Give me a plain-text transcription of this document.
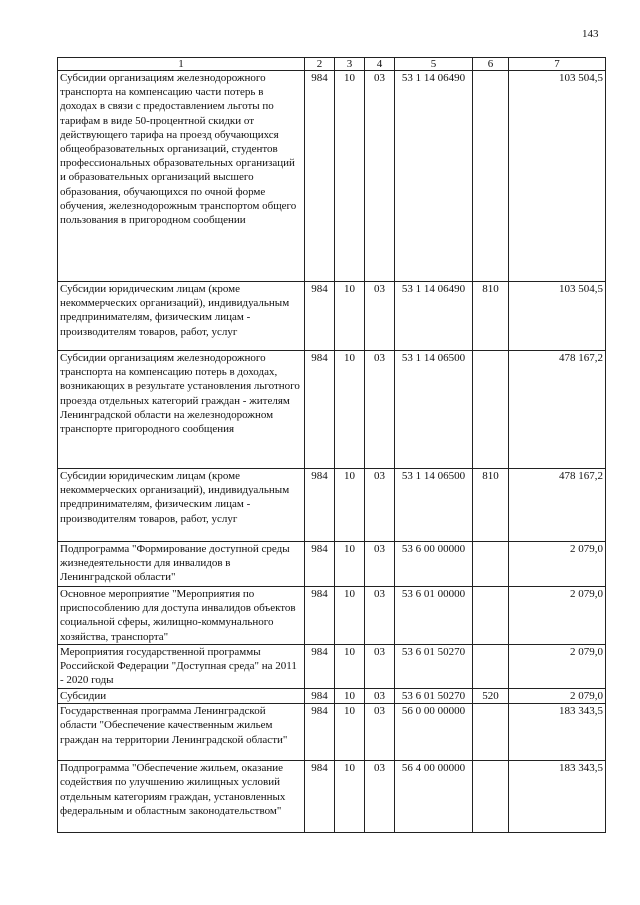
143
1	2	3	4	5	6	7
Субсидии организациям железнодорожного транспорта на компенсацию части потерь в доходах в связи с предоставлением льготы по тарифам в виде 50-процентной скидки от действующего тарифа на проезд обучающихся общеобразовательных организаций, студентов профессиональных образовательных организаций и образовательных организаций высшего образования, обучающихся по очной форме обучения, железнодорожным транспортом общего пользования в пригородном сообщении	984	10	03	53 1 14 06490		103 504,5
Субсидии юридическим лицам (кроме некоммерческих организаций), индивидуальным предпринимателям, физическим лицам - производителям товаров, работ, услуг	984	10	03	53 1 14 06490	810	103 504,5
Субсидии организациям железнодорожного транспорта на компенсацию потерь в доходах, возникающих в результате установления льготного проезда отдельных категорий граждан - жителям Ленинградской области на железнодорожном транспорте пригородного сообщения	984	10	03	53 1 14 06500		478 167,2
Субсидии юридическим лицам (кроме некоммерческих организаций), индивидуальным предпринимателям, физическим лицам - производителям товаров, работ, услуг	984	10	03	53 1 14 06500	810	478 167,2
Подпрограмма "Формирование доступной среды жизнедеятельности для инвалидов в Ленинградской области"	984	10	03	53 6 00 00000		2 079,0
Основное мероприятие "Мероприятия по приспособлению для доступа инвалидов объектов социальной сферы, жилищно-коммунального хозяйства, транспорта"	984	10	03	53 6 01 00000		2 079,0
Мероприятия государственной программы Российской Федерации "Доступная среда" на 2011 - 2020 годы	984	10	03	53 6 01 50270		2 079,0
Субсидии	984	10	03	53 6 01 50270	520	2 079,0
Государственная программа Ленинградской области "Обеспечение качественным жильем граждан на территории Ленинградской области"	984	10	03	56 0 00 00000		183 343,5
Подпрограмма "Обеспечение жильем, оказание содействия по улучшению жилищных условий отдельным категориям граждан, установленных федеральным и областным законодательством"	984	10	03	56 4 00 00000		183 343,5
